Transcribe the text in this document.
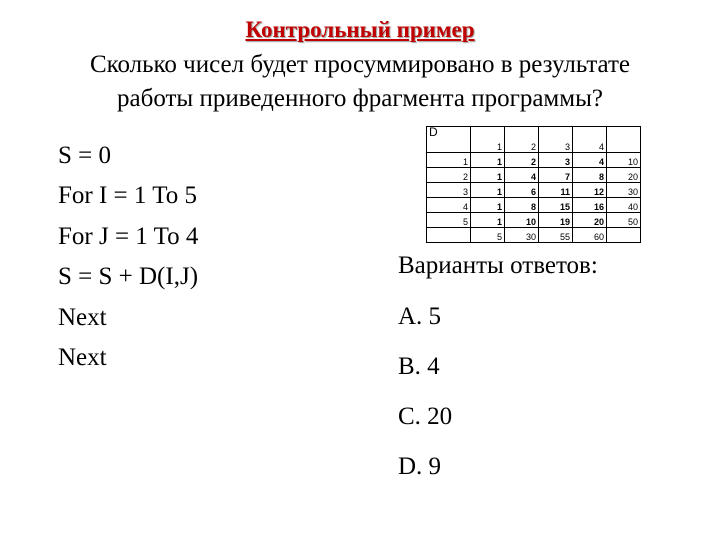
Контрольный пример
Сколько чисел будет просуммировано в результате
работы приведенного фрагмента программы?
S = 0
For I = 1 To 5
For J = 1 To 4
S = S + D(I,J)
Next
Next
D	1	2	3	4	
1	1	2	3	4	10
2	1	4	7	8	20
3	1	6	11	12	30
4	1	8	15	16	40
5	1	10	19	20	50
	5	30	55	60	
Варианты ответов:
A. 5
B. 4
C. 20
D. 9
